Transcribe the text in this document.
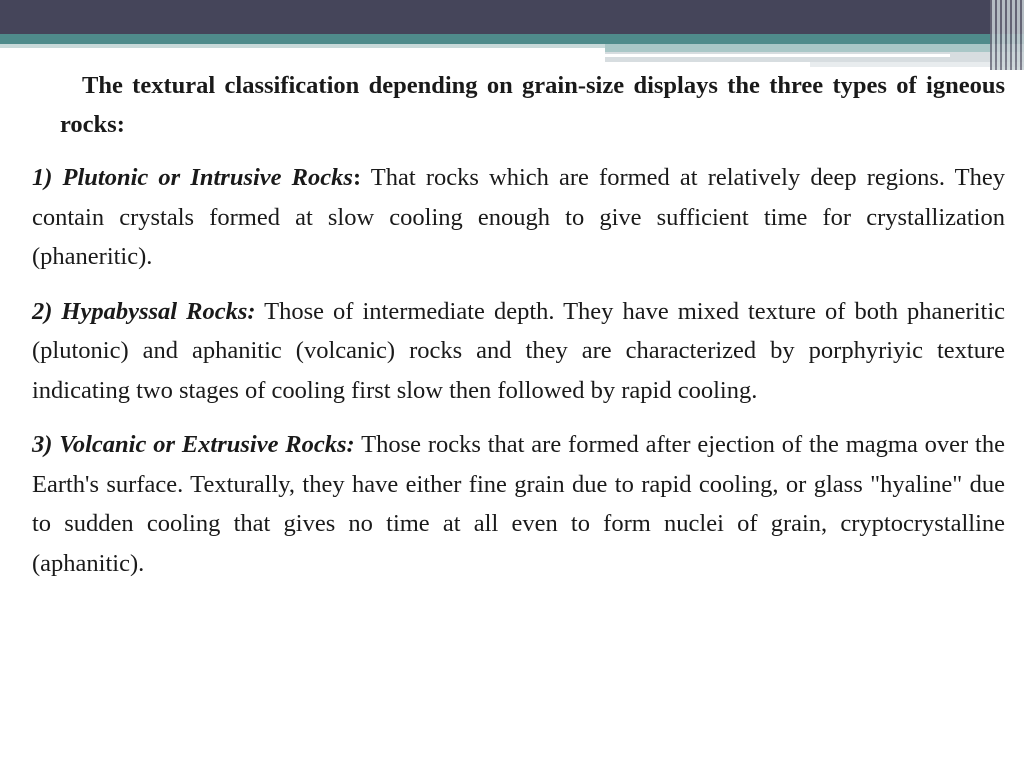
The textural classification depending on grain-size displays the three types of igneous rocks:

1) Plutonic or Intrusive Rocks: That rocks which are formed at relatively deep regions. They contain crystals formed at slow cooling enough to give sufficient time for crystallization (phaneritic).

2) Hypabyssal Rocks: Those of intermediate depth. They have mixed texture of both phaneritic (plutonic) and aphanitic (volcanic) rocks and they are characterized by porphyriyic texture indicating two stages of cooling first slow then followed by rapid cooling.

3) Volcanic or Extrusive Rocks: Those rocks that are formed after ejection of the magma over the Earth's surface. Texturally, they have either fine grain due to rapid cooling, or glass "hyaline" due to sudden cooling that gives no time at all even to form nuclei of grain, cryptocrystalline (aphanitic).
